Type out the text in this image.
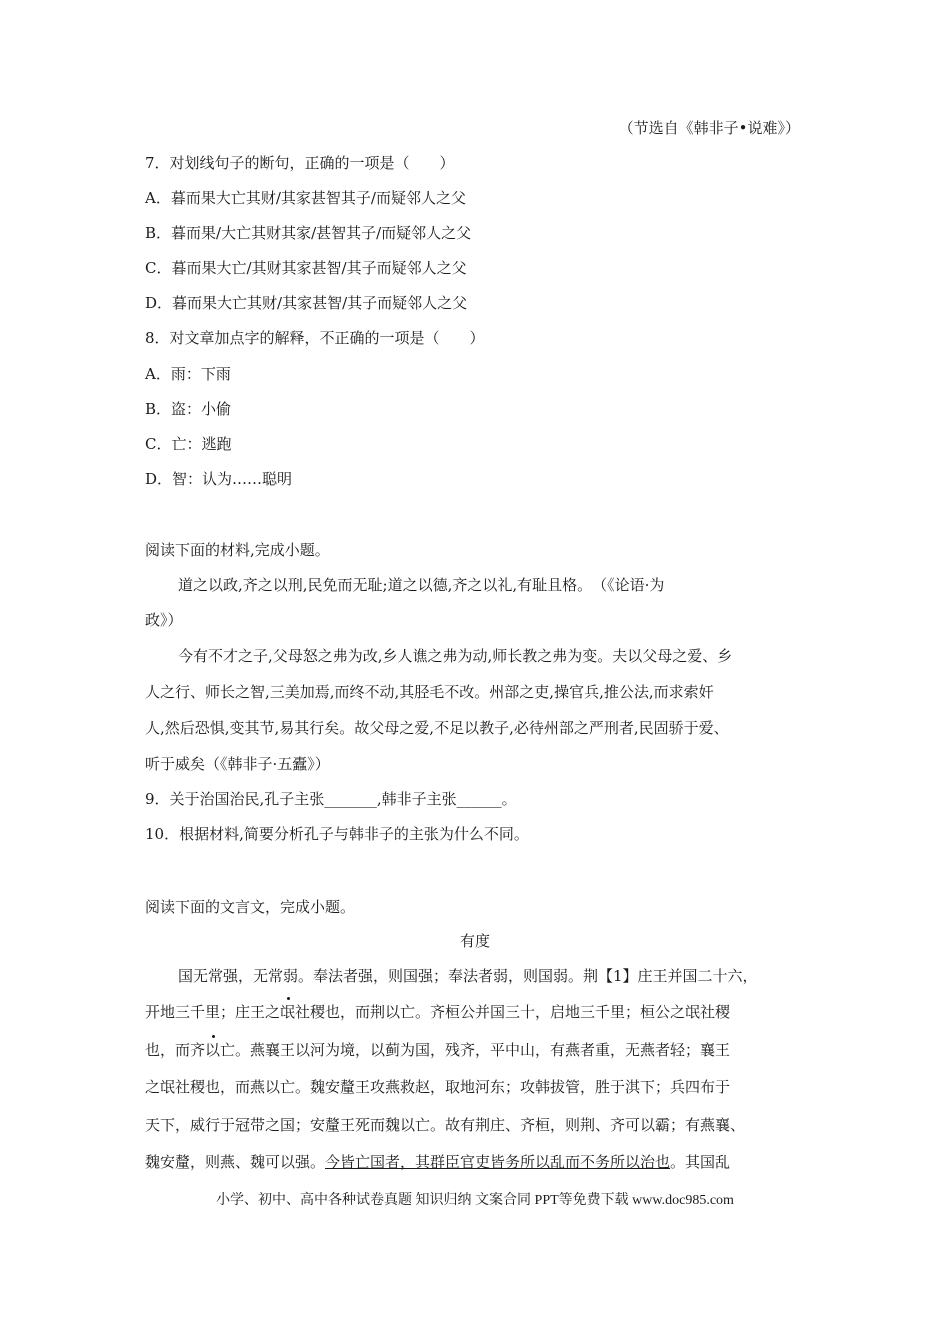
（节选自《韩非子•说难》）
7．对划线句子的断句，正确的一项是（　　）
A．暮而果大亡其财/其家甚智其子/而疑邻人之父
B．暮而果/大亡其财其家/甚智其子/而疑邻人之父
C．暮而果大亡/其财其家甚智/其子而疑邻人之父
D．暮而果大亡其财/其家甚智/其子而疑邻人之父
8．对文章加点字的解释，不正确的一项是（　　）
A．雨：下雨
B．盗：小偷
C．亡：逃跑
D．智：认为……聪明
阅读下面的材料,完成小题。
道之以政,齐之以刑,民免而无耻;道之以德,齐之以礼,有耻且格。　（《论语·为
政》）
今有不才之子,父母怒之弗为改,乡人谯之弗为动,师长教之弗为变。夫以父母之爱、乡
人之行、师长之智,三美加焉,而终不动,其胫毛不改。州部之吏,操官兵,推公法,而求索奸
人,然后恐惧,变其节,易其行矣。故父母之爱,不足以教子,必待州部之严刑者,民固骄于爱、
听于威矣（《韩非子·五蠹》）
9．关于治国治民,孔子主张_______,韩非子主张______。
10．根据材料,简要分析孔子与韩非子的主张为什么不同。
阅读下面的文言文，完成小题。
有度
国无常强，无常弱。奉法者强，则国强；奉法者弱，则国弱。荆【1】庄王并国二十六，
开地三千里；庄王之氓社稷也，而荆以亡。齐桓公并国三十，启地三千里；桓公之氓社稷
也，而齐以亡。燕襄王以河为境，以蓟为国，残齐，平中山，有燕者重，无燕者轻；襄王
之氓社稷也，而燕以亡。魏安釐王攻燕救赵，取地河东；攻韩拔管，胜于淇下；兵四布于
天下，威行于冠带之国；安釐王死而魏以亡。故有荆庄、齐桓，则荆、齐可以霸；有燕襄、
魏安釐，则燕、魏可以强。今皆亡国者，其群臣官吏皆务所以乱而不务所以治也。其国乱
小学、初中、高中各种试卷真题 知识归纳 文案合同 PPT等免费下载 www.doc985.com
